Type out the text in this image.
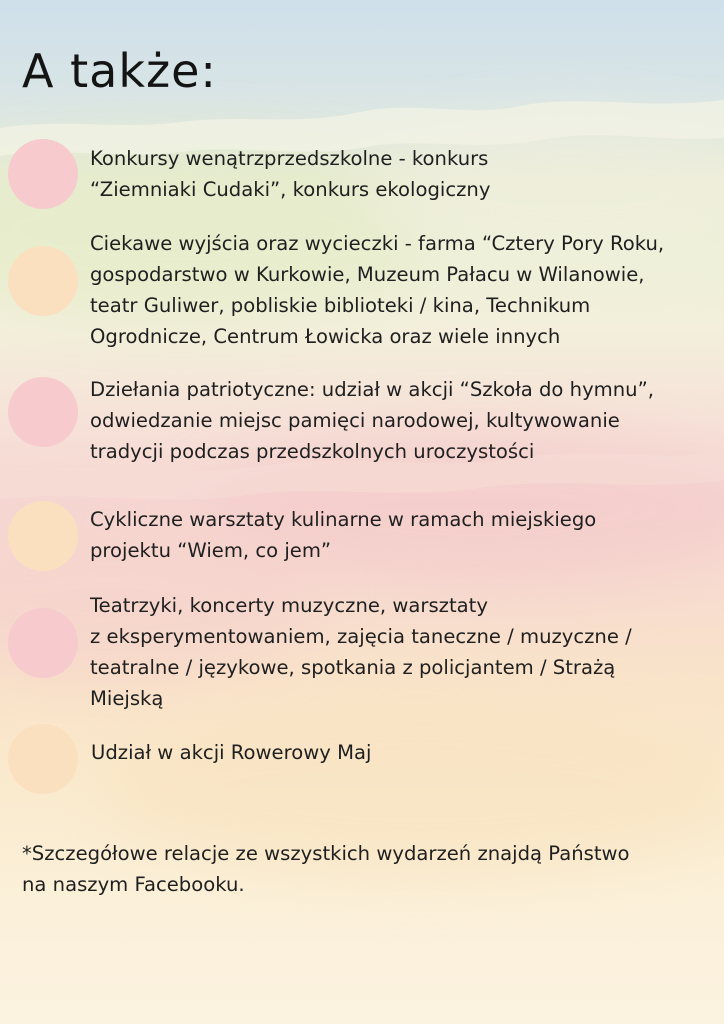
A także:

Konkursy wenątrzprzedszkolne - konkurs
“Ziemniaki Cudaki”, konkurs ekologiczny

Ciekawe wyjścia oraz wycieczki - farma “Cztery Pory Roku,
gospodarstwo w Kurkowie, Muzeum Pałacu w Wilanowie,
teatr Guliwer, pobliskie biblioteki / kina, Technikum
Ogrodnicze, Centrum Łowicka oraz wiele innych

Dziełania patriotyczne: udział w akcji “Szkoła do hymnu”,
odwiedzanie miejsc pamięci narodowej, kultywowanie
tradycji podczas przedszkolnych uroczystości

Cykliczne warsztaty kulinarne w ramach miejskiego
projektu “Wiem, co jem”

Teatrzyki, koncerty muzyczne, warsztaty
z eksperymentowaniem, zajęcia taneczne / muzyczne /
teatralne / językowe, spotkania z policjantem / Strażą
Miejską

Udział w akcji Rowerowy Maj

*Szczegółowe relacje ze wszystkich wydarzeń znajdą Państwo
na naszym Facebooku.
